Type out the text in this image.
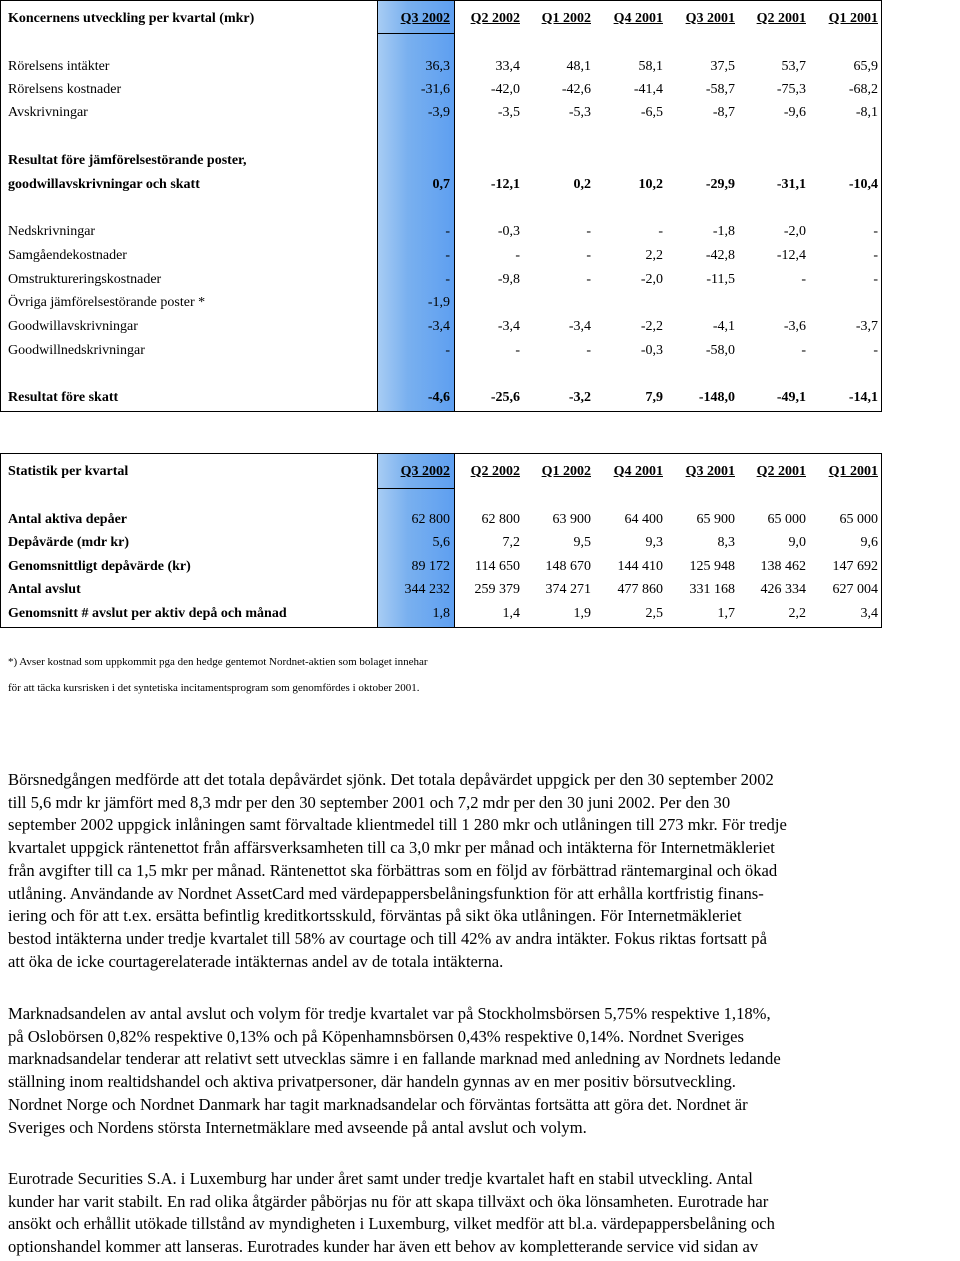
Koncernens utveckling per kvartal (mkr)	Q3 2002	Q2 2002	Q1 2002	Q4 2001	Q3 2001	Q2 2001	Q1 2001
Rörelsens intäkter	36,3	33,4	48,1	58,1	37,5	53,7	65,9
Rörelsens kostnader	-31,6	-42,0	-42,6	-41,4	-58,7	-75,3	-68,2
Avskrivningar	-3,9	-3,5	-5,3	-6,5	-8,7	-9,6	-8,1
Resultat före jämförelsestörande poster,
goodwillavskrivningar och skatt	0,7	-12,1	0,2	10,2	-29,9	-31,1	-10,4
Nedskrivningar	-	-0,3	-	-	-1,8	-2,0	-
Samgåendekostnader	-	-	-	2,2	-42,8	-12,4	-
Omstruktureringskostnader	-	-9,8	-	-2,0	-11,5	-	-
Övriga jämförelsestörande poster *	-1,9
Goodwillavskrivningar	-3,4	-3,4	-3,4	-2,2	-4,1	-3,6	-3,7
Goodwillnedskrivningar	-	-	-	-0,3	-58,0	-	-
Resultat före skatt	-4,6	-25,6	-3,2	7,9	-148,0	-49,1	-14,1
Statistik per kvartal	Q3 2002	Q2 2002	Q1 2002	Q4 2001	Q3 2001	Q2 2001	Q1 2001
Antal aktiva depåer	62 800	62 800	63 900	64 400	65 900	65 000	65 000
Depåvärde (mdr kr)	5,6	7,2	9,5	9,3	8,3	9,0	9,6
Genomsnittligt depåvärde (kr)	89 172	114 650	148 670	144 410	125 948	138 462	147 692
Antal avslut	344 232	259 379	374 271	477 860	331 168	426 334	627 004
Genomsnitt # avslut per aktiv depå och månad	1,8	1,4	1,9	2,5	1,7	2,2	3,4
*) Avser kostnad som uppkommit pga den hedge gentemot Nordnet-aktien som bolaget innehar
för att täcka kursrisken i det syntetiska incitamentsprogram som genomfördes i oktober 2001.
Börsnedgången medförde att det totala depåvärdet sjönk. Det totala depåvärdet uppgick per den 30 september 2002
till 5,6 mdr kr jämfört med 8,3 mdr per den 30 september 2001 och 7,2 mdr per den 30 juni 2002. Per den 30
september 2002 uppgick inlåningen samt förvaltade klientmedel till 1 280 mkr och utlåningen till 273 mkr. För tredje
kvartalet uppgick räntenettot från affärsverksamheten till ca 3,0 mkr per månad och intäkterna för Internetmäkleriet
från avgifter till ca 1,5 mkr per månad. Räntenettot ska förbättras som en följd av förbättrad räntemarginal och ökad
utlåning. Användande av Nordnet AssetCard med värdepappersbelåningsfunktion för att erhålla kortfristig finans-
iering och för att t.ex. ersätta befintlig kreditkortsskuld, förväntas på sikt öka utlåningen. För Internetmäkleriet
bestod intäkterna under tredje kvartalet till 58% av courtage och till 42% av andra intäkter. Fokus riktas fortsatt på
att öka de icke courtagerelaterade intäkternas andel av de totala intäkterna.
Marknadsandelen av antal avslut och volym för tredje kvartalet var på Stockholmsbörsen 5,75% respektive 1,18%,
på Oslobörsen 0,82% respektive 0,13% och på Köpenhamnsbörsen 0,43% respektive 0,14%. Nordnet Sveriges
marknadsandelar tenderar att relativt sett utvecklas sämre i en fallande marknad med anledning av Nordnets ledande
ställning inom realtidshandel och aktiva privatpersoner, där handeln gynnas av en mer positiv börsutveckling.
Nordnet Norge och Nordnet Danmark har tagit marknadsandelar och förväntas fortsätta att göra det. Nordnet är
Sveriges och Nordens största Internetmäklare med avseende på antal avslut och volym.
Eurotrade Securities S.A. i Luxemburg har under året samt under tredje kvartalet haft en stabil utveckling. Antal
kunder har varit stabilt. En rad olika åtgärder påbörjas nu för att skapa tillväxt och öka lönsamheten. Eurotrade har
ansökt och erhållit utökade tillstånd av myndigheten i Luxemburg, vilket medför att bl.a. värdepappersbelåning och
optionshandel kommer att lanseras. Eurotrades kunder har även ett behov av kompletterande service vid sidan av
